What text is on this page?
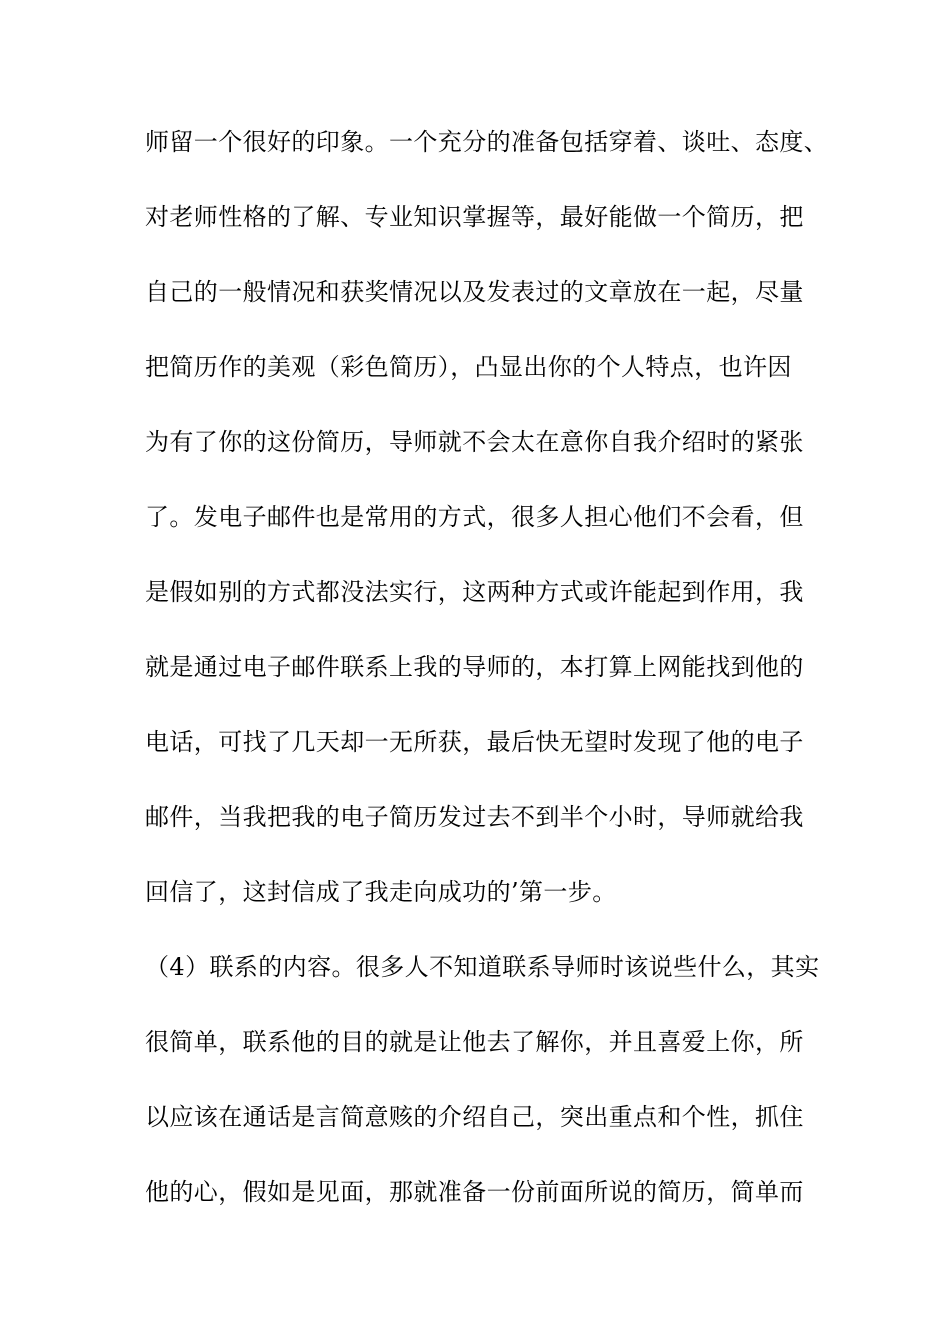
师留一个很好的印象。一个充分的准备包括穿着、谈吐、态度、
对老师性格的了解、专业知识掌握等，最好能做一个简历，把
自己的一般情况和获奖情况以及发表过的文章放在一起，尽量
把简历作的美观（彩色简历），凸显出你的个人特点，也许因
为有了你的这份简历，导师就不会太在意你自我介绍时的紧张
了。发电子邮件也是常用的方式，很多人担心他们不会看，但
是假如别的方式都没法实行，这两种方式或许能起到作用，我
就是通过电子邮件联系上我的导师的，本打算上网能找到他的
电话，可找了几天却一无所获，最后快无望时发现了他的电子
邮件，当我把我的电子简历发过去不到半个小时，导师就给我
回信了，这封信成了我走向成功的’第一步。
（4）联系的内容。很多人不知道联系导师时该说些什么，其实
很简单，联系他的目的就是让他去了解你，并且喜爱上你，所
以应该在通话是言简意赅的介绍自己，突出重点和个性，抓住
他的心，假如是见面，那就准备一份前面所说的简历，简单而
